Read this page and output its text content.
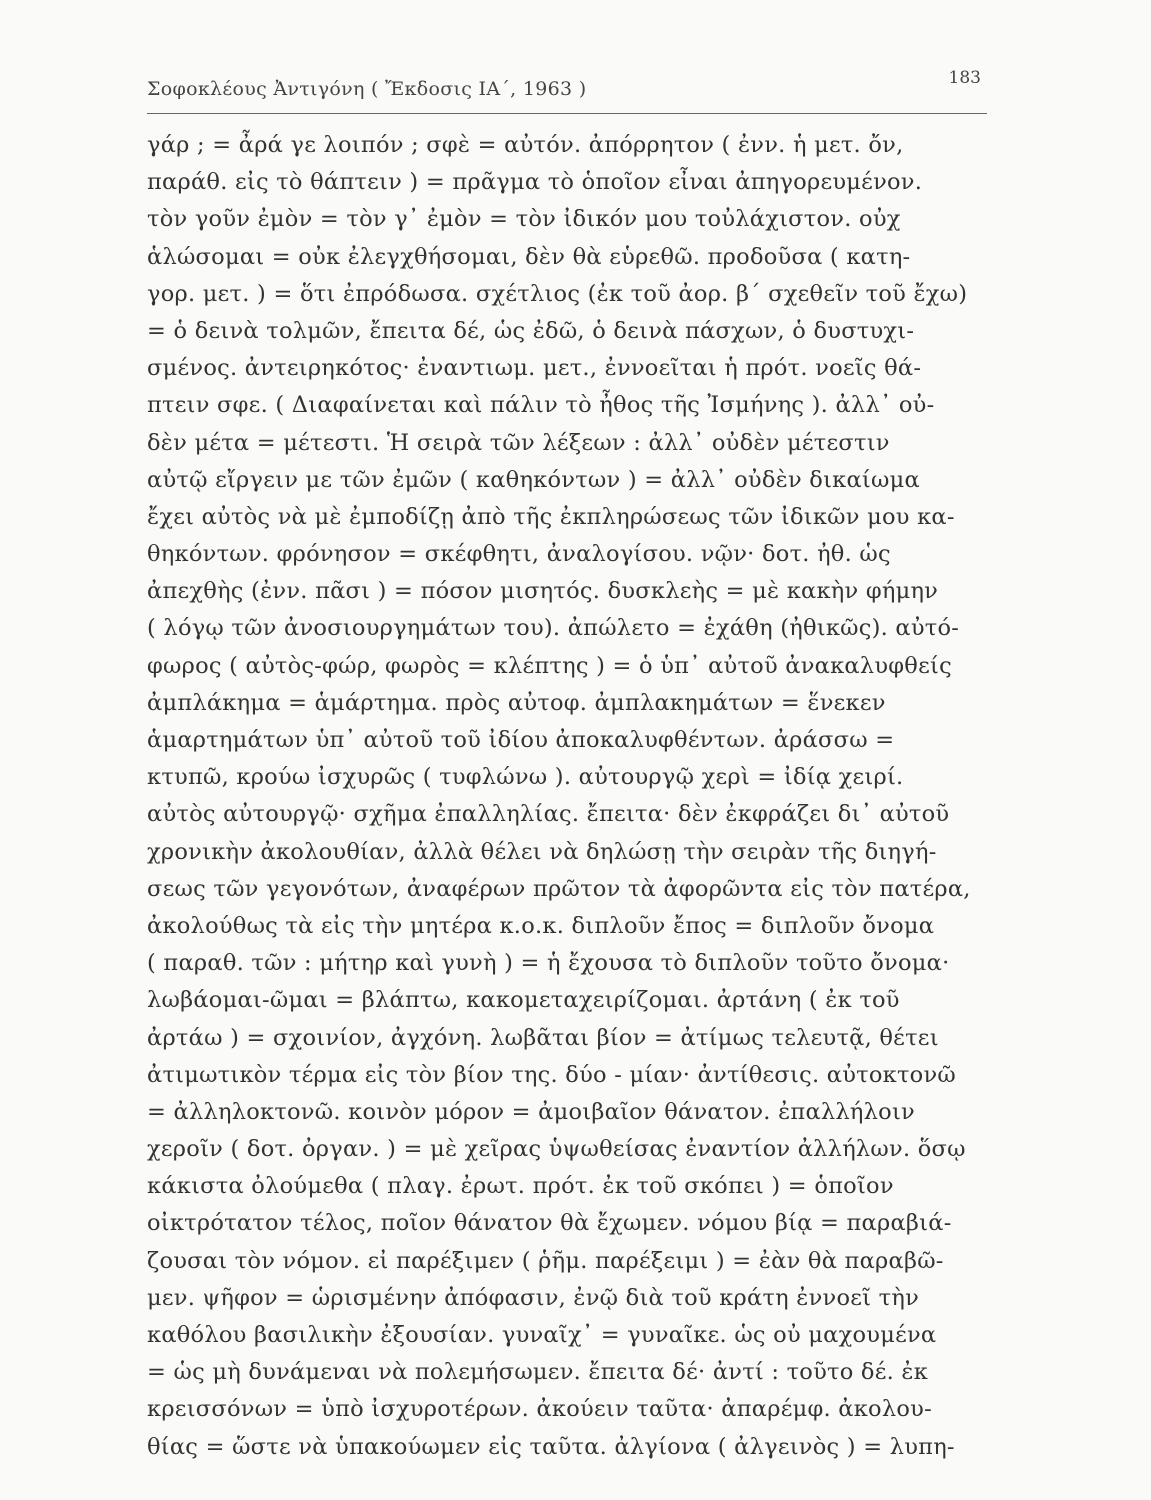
Σοφοκλέους Ἀντιγόνη ( Ἔκδοσις ΙΑ΄, 1963 )	183
γάρ ; = ἆρά γε λοιπόν ; σφὲ = αὐτόν. ἀπόρρητον ( ἐνν. ἡ μετ. ὄν,
παράθ. εἰς τὸ θάπτειν ) = πρᾶγμα τὸ ὁποῖον εἶναι ἀπηγορευμένον.
τὸν γοῦν ἐμὸν = τὸν γ᾿ ἐμὸν = τὸν ἰδικόν μου τοὐλάχιστον. οὐχ
ἁλώσομαι = οὐκ ἐλεγχθήσομαι, δὲν θὰ εὑρεθῶ. προδοῦσα ( κατη-
γορ. μετ. ) = ὅτι ἐπρόδωσα. σχέτλιος (ἐκ τοῦ ἀορ. β΄ σχεθεῖν τοῦ ἔχω)
= ὁ δεινὰ τολμῶν, ἔπειτα δέ, ὡς ἐδῶ, ὁ δεινὰ πάσχων, ὁ δυστυχι-
σμένος. ἀντειρηκότος· ἐναντιωμ. μετ., ἐννοεῖται ἡ πρότ. νοεῖς θά-
πτειν σφε. ( Διαφαίνεται καὶ πάλιν τὸ ἦθος τῆς Ἰσμήνης ). ἀλλ᾿ οὐ-
δὲν μέτα = μέτεστι. Ἡ σειρὰ τῶν λέξεων : ἀλλ᾿ οὐδὲν μέτεστιν
αὐτῷ εἴργειν με τῶν ἐμῶν ( καθηκόντων ) = ἀλλ᾿ οὐδὲν δικαίωμα
ἔχει αὐτὸς νὰ μὲ ἐμποδίζῃ ἀπὸ τῆς ἐκπληρώσεως τῶν ἰδικῶν μου κα-
θηκόντων. φρόνησον = σκέφθητι, ἀναλογίσου. νῷν· δοτ. ἠθ. ὡς
ἀπεχθὴς (ἐνν. πᾶσι ) = πόσον μισητός. δυσκλεὴς = μὲ κακὴν φήμην
( λόγῳ τῶν ἀνοσιουργημάτων του). ἀπώλετο = ἐχάθη (ἠθικῶς). αὐτό-
φωρος ( αὐτὸς-φώρ, φωρὸς = κλέπτης ) = ὁ ὑπ᾿ αὐτοῦ ἀνακαλυφθείς
ἀμπλάκημα = ἁμάρτημα. πρὸς αὐτοφ. ἀμπλακημάτων = ἕνεκεν
ἁμαρτημάτων ὑπ᾿ αὐτοῦ τοῦ ἰδίου ἀποκαλυφθέντων. ἀράσσω =
κτυπῶ, κρούω ἰσχυρῶς ( τυφλώνω ). αὐτουργῷ χερὶ = ἰδίᾳ χειρί.
αὐτὸς αὐτουργῷ· σχῆμα ἐπαλληλίας. ἔπειτα· δὲν ἐκφράζει δι᾿ αὐτοῦ
χρονικὴν ἀκολουθίαν, ἀλλὰ θέλει νὰ δηλώσῃ τὴν σειρὰν τῆς διηγή-
σεως τῶν γεγονότων, ἀναφέρων πρῶτον τὰ ἀφορῶντα εἰς τὸν πατέρα,
ἀκολούθως τὰ εἰς τὴν μητέρα κ.ο.κ. διπλοῦν ἔπος = διπλοῦν ὄνομα
( παραθ. τῶν : μήτηρ καὶ γυνὴ ) = ἡ ἔχουσα τὸ διπλοῦν τοῦτο ὄνομα·
λωβάομαι-ῶμαι = βλάπτω, κακομεταχειρίζομαι. ἀρτάνη ( ἐκ τοῦ
ἀρτάω ) = σχοινίον, ἀγχόνη. λωβᾶται βίον = ἀτίμως τελευτᾷ, θέτει
ἀτιμωτικὸν τέρμα εἰς τὸν βίον της. δύο - μίαν· ἀντίθεσις. αὐτοκτονῶ
= ἀλληλοκτονῶ. κοινὸν μόρον = ἀμοιβαῖον θάνατον. ἐπαλλήλοιν
χεροῖν ( δοτ. ὀργαν. ) = μὲ χεῖρας ὑψωθείσας ἐναντίον ἀλλήλων. ὅσῳ
κάκιστα ὀλούμεθα ( πλαγ. ἐρωτ. πρότ. ἐκ τοῦ σκόπει ) = ὁποῖον
οἰκτρότατον τέλος, ποῖον θάνατον θὰ ἔχωμεν. νόμου βίᾳ = παραβιά-
ζουσαι τὸν νόμον. εἰ παρέξιμεν ( ῥῆμ. παρέξειμι ) = ἐὰν θὰ παραβῶ-
μεν. ψῆφον = ὡρισμένην ἀπόφασιν, ἐνῷ διὰ τοῦ κράτη ἐννοεῖ τὴν
καθόλου βασιλικὴν ἐξουσίαν. γυναῖχ᾿ = γυναῖκε. ὡς οὐ μαχουμένα
= ὡς μὴ δυνάμεναι νὰ πολεμήσωμεν. ἔπειτα δέ· ἀντί : τοῦτο δέ. ἐκ
κρεισσόνων = ὑπὸ ἰσχυροτέρων. ἀκούειν ταῦτα· ἀπαρέμφ. ἀκολου-
θίας = ὥστε νὰ ὑπακούωμεν εἰς ταῦτα. ἀλγίονα ( ἀλγεινὸς ) = λυπη-
